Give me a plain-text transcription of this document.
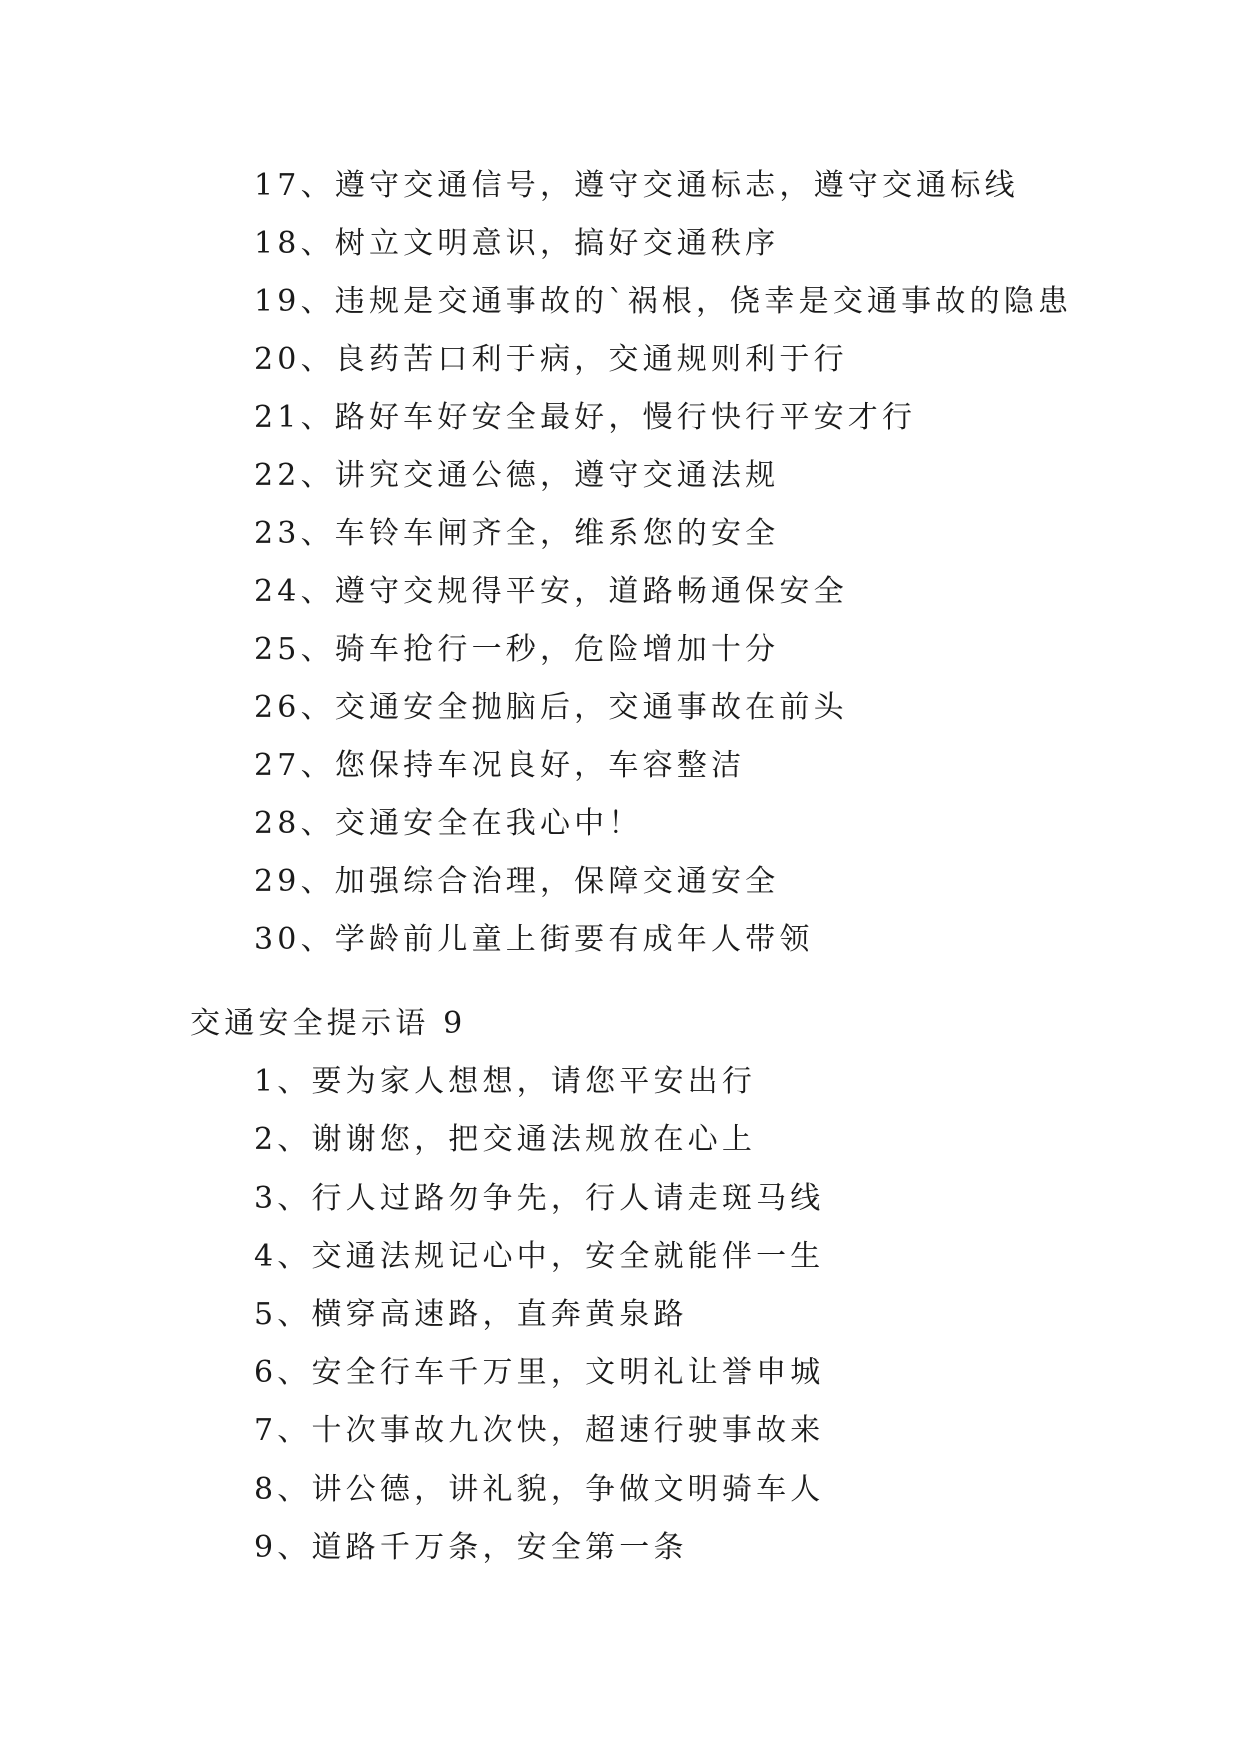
17、遵守交通信号，遵守交通标志，遵守交通标线
18、树立文明意识，搞好交通秩序
19、违规是交通事故的`祸根，侥幸是交通事故的隐患
20、良药苦口利于病，交通规则利于行
21、路好车好安全最好，慢行快行平安才行
22、讲究交通公德，遵守交通法规
23、车铃车闸齐全，维系您的安全
24、遵守交规得平安，道路畅通保安全
25、骑车抢行一秒，危险增加十分
26、交通安全抛脑后，交通事故在前头
27、您保持车况良好，车容整洁
28、交通安全在我心中！
29、加强综合治理，保障交通安全
30、学龄前儿童上街要有成年人带领
交通安全提示语 9
1、要为家人想想，请您平安出行
2、谢谢您，把交通法规放在心上
3、行人过路勿争先，行人请走斑马线
4、交通法规记心中，安全就能伴一生
5、横穿高速路，直奔黄泉路
6、安全行车千万里，文明礼让誉申城
7、十次事故九次快，超速行驶事故来
8、讲公德，讲礼貌，争做文明骑车人
9、道路千万条，安全第一条
